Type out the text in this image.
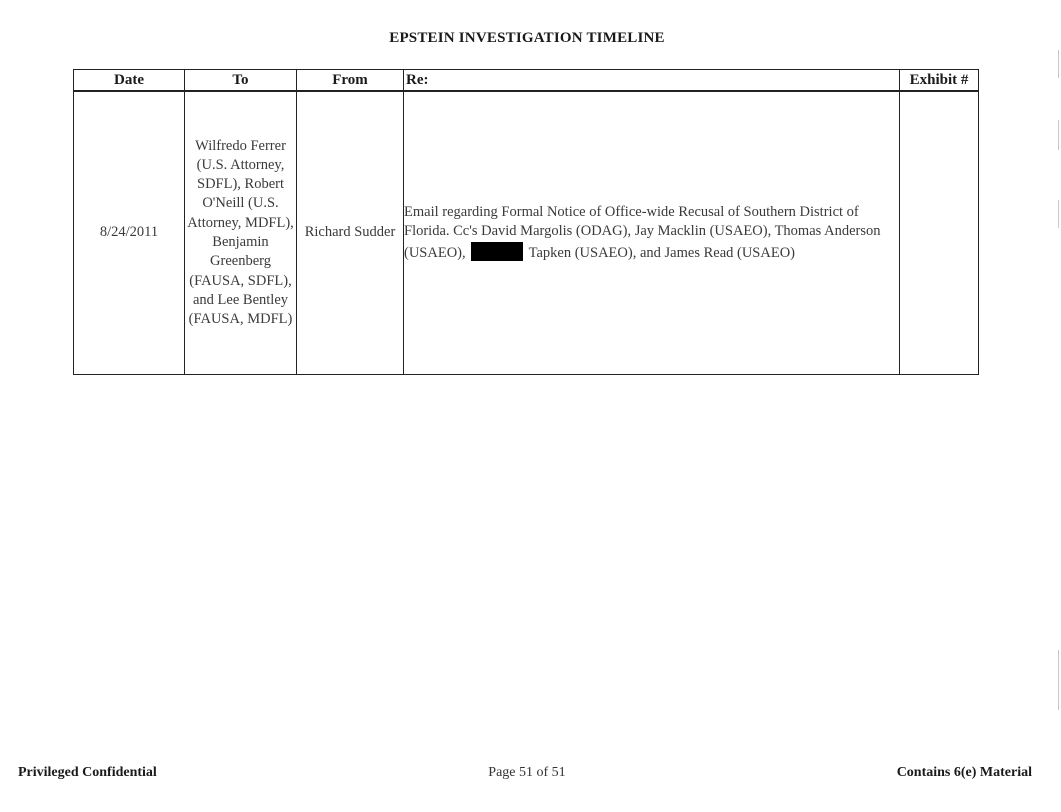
EPSTEIN INVESTIGATION TIMELINE
Date	To	From	Re:	Exhibit #
8/24/2011	Wilfredo Ferrer (U.S. Attorney, SDFL), Robert O'Neill (U.S. Attorney, MDFL), Benjamin Greenberg (FAUSA, SDFL), and Lee Bentley (FAUSA, MDFL)	Richard Sudder	Email regarding Formal Notice of Office-wide Recusal of Southern District of Florida. Cc's David Margolis (ODAG), Jay Macklin (USAEO), Thomas Anderson (USAEO), Tapken (USAEO), and James Read (USAEO)	
Privileged Confidential	Page 51 of 51	Contains 6(e) Material
